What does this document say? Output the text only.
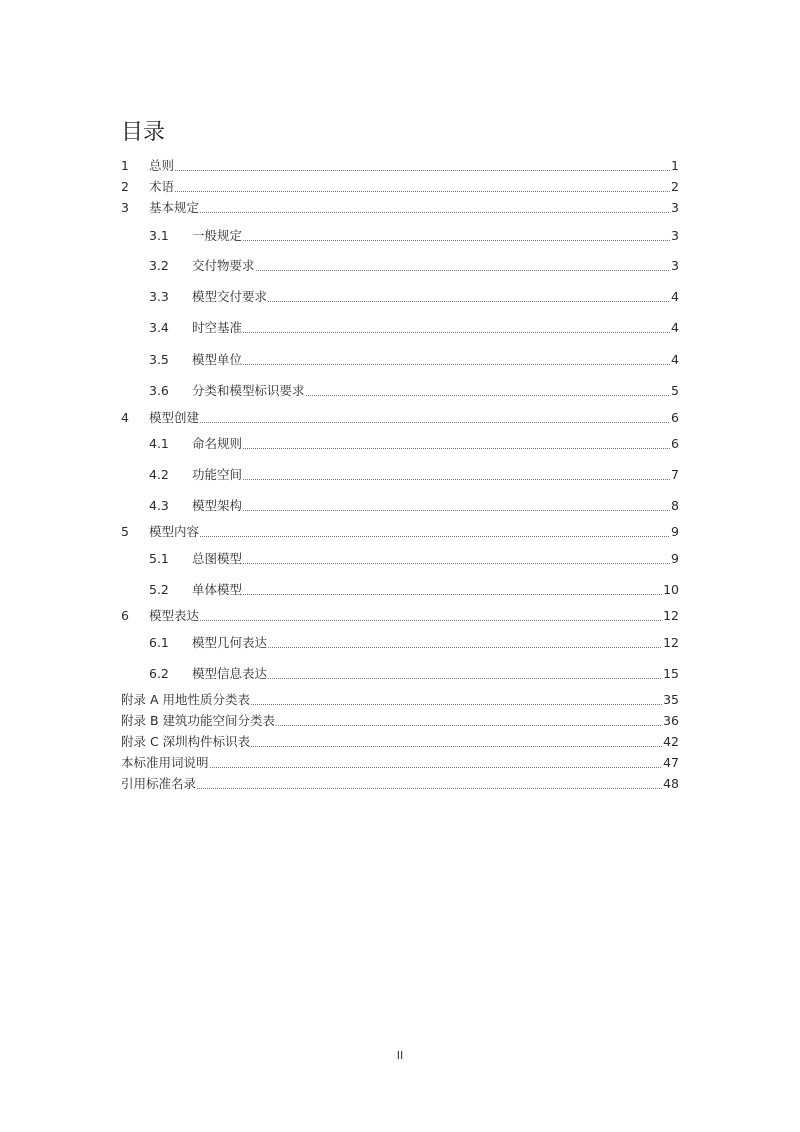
目录
1	总则	1
2	术语	2
3	基本规定	3
3.1	一般规定	3
3.2	交付物要求	3
3.3	模型交付要求	4
3.4	时空基准	4
3.5	模型单位	4
3.6	分类和模型标识要求	5
4	模型创建	6
4.1	命名规则	6
4.2	功能空间	7
4.3	模型架构	8
5	模型内容	9
5.1	总图模型	9
5.2	单体模型	10
6	模型表达	12
6.1	模型几何表达	12
6.2	模型信息表达	15
附录 A 用地性质分类表	35
附录 B 建筑功能空间分类表	36
附录 C 深圳构件标识表	42
本标准用词说明	47
引用标准名录	48
II
